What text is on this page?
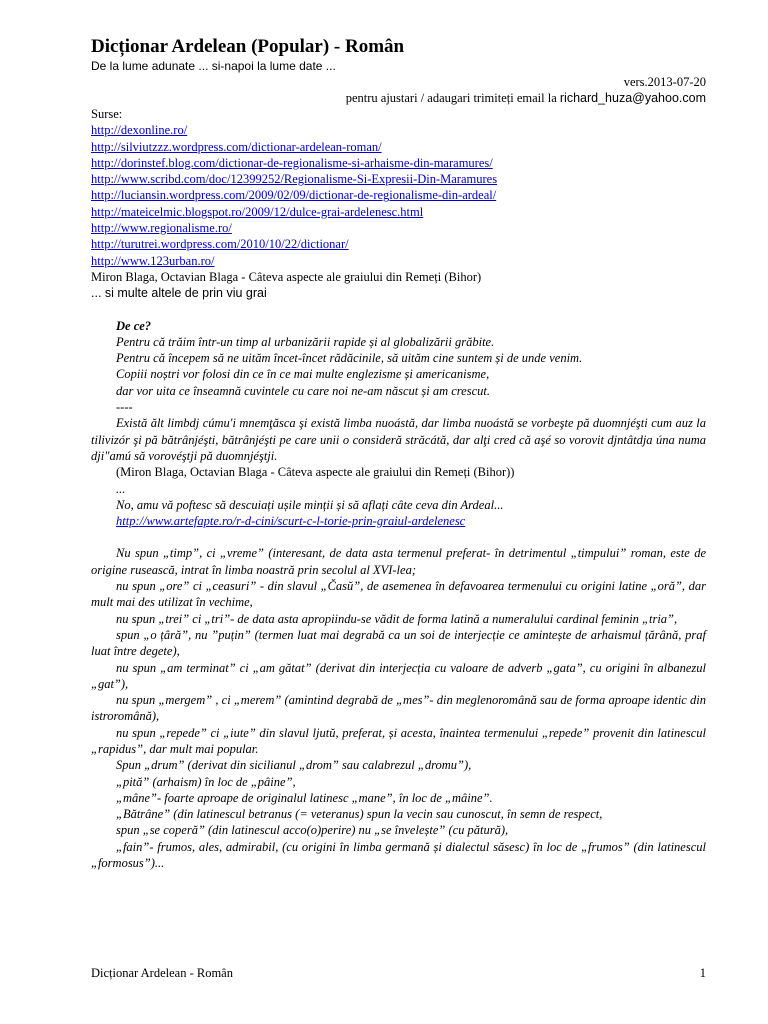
Dicționar Ardelean (Popular) - Român
De la lume adunate ... si-napoi la lume date ...
vers.2013-07-20
pentru ajustari / adaugari trimiteți email la richard_huza@yahoo.com
Surse:
http://dexonline.ro/
http://silviutzzz.wordpress.com/dictionar-ardelean-roman/
http://dorinstef.blog.com/dictionar-de-regionalisme-si-arhaisme-din-maramures/
http://www.scribd.com/doc/12399252/Regionalisme-Si-Expresii-Din-Maramures
http://luciansin.wordpress.com/2009/02/09/dictionar-de-regionalisme-din-ardeal/
http://mateicelmic.blogspot.ro/2009/12/dulce-grai-ardelenesc.html
http://www.regionalisme.ro/
http://turutrei.wordpress.com/2010/10/22/dictionar/
http://www.123urban.ro/
Miron Blaga, Octavian Blaga - Câteva aspecte ale graiului din Remeți (Bihor)
... si multe altele de prin viu grai

De ce?

Pentru că trăim într-un timp al urbanizării rapide și al globalizării grăbite.

Pentru că începem să ne uităm încet-încet rădăcinile, să uităm cine suntem și de unde venim.

Copiii noștri vor folosi din ce în ce mai multe englezisme și americanisme,

dar vor uita ce înseamnă cuvintele cu care noi ne-am născut și am crescut.

----

Există ălt limbdj cúmu'i mnemţăsca şi există limba nuoástă, dar limba nuoástă se vorbeşte pă duomnjéşti cum auz la tilivizór şi pă bătrânjéşti, bătrânjéşti pe care unii o consideră străcátă, dar alţi cred că aşé so vorovit djntâtdja úna numa dji"amú să vorovéştji pă duomnjéştji.
(Miron Blaga, Octavian Blaga - Câteva aspecte ale graiului din Remeți (Bihor))
...
No, amu vă poftesc să descuiați ușile minții și să aflați câte ceva din Ardeal...
http://www.artefapte.ro/r-d-cini/scurt-c-l-torie-prin-graiul-ardelenesc

Nu spun „timp”, ci „vreme” (interesant, de data asta termenul preferat- în detrimentul „timpului” roman, este de origine rusească, intrat în limba noastră prin secolul al XVI-lea;

nu spun „ore” ci „ceasuri” - din slavul „Časŭ”, de asemenea în defavoarea termenului cu origini latine „oră”, dar mult mai des utilizat în vechime,

nu spun „trei” ci „tri”- de data asta apropiindu-se vădit de forma latină a numeralului cardinal feminin „tria”,

spun „o țâră”, nu ”puțin” (termen luat mai degrabă ca un soi de interjecție ce amintește de arhaismul țărână, praf luat între degete),

nu spun „am terminat” ci „am gătat” (derivat din interjecția cu valoare de adverb „gata”, cu origini în albanezul „gat”),

nu spun „mergem” , ci „merem” (amintind degrabă de „mes”- din meglenoromână sau de forma aproape identic din istroromână),

nu spun „repede” ci „iute” din slavul ljutŭ, preferat, și acesta, înaintea termenului „repede” provenit din latinescul „rapidus”, dar mult mai popular.

Spun „drum” (derivat din sicilianul „drom” sau calabrezul „dromu”),

„pită” (arhaism) în loc de „pâine”,

„mâne”- foarte aproape de originalul latinesc „mane”, în loc de „mâine”.

„Bătrâne” (din latinescul betranus (= veteranus) spun la vecin sau cunoscut, în semn de respect,

spun „se coperă” (din latinescul acco(o)perire) nu „se învelește” (cu pătură),

„fain”- frumos, ales, admirabil, (cu origini în limba germană și dialectul săsesc) în loc de „frumos” (din latinescul „formosus”)...

Dicționar Ardelean - Român	1
